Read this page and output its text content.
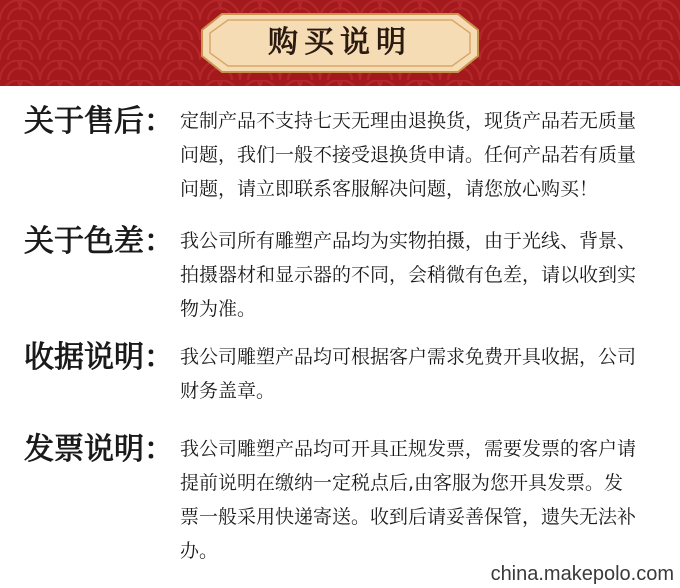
购买说明
关于售后： 定制产品不支持七天无理由退换货，现货产品若无质量
问题，我们一般不接受退换货申请。任何产品若有质量
问题，请立即联系客服解决问题，请您放心购买！
关于色差： 我公司所有雕塑产品均为实物拍摄，由于光线、背景、
拍摄器材和显示器的不同，会稍微有色差，请以收到实
物为准。
收据说明： 我公司雕塑产品均可根据客户需求免费开具收据，公司
财务盖章。
发票说明： 我公司雕塑产品均可开具正规发票，需要发票的客户请
提前说明在缴纳一定税点后,由客服为您开具发票。发
票一般采用快递寄送。收到后请妥善保管，遗失无法补
办。
china.makepolo.com
